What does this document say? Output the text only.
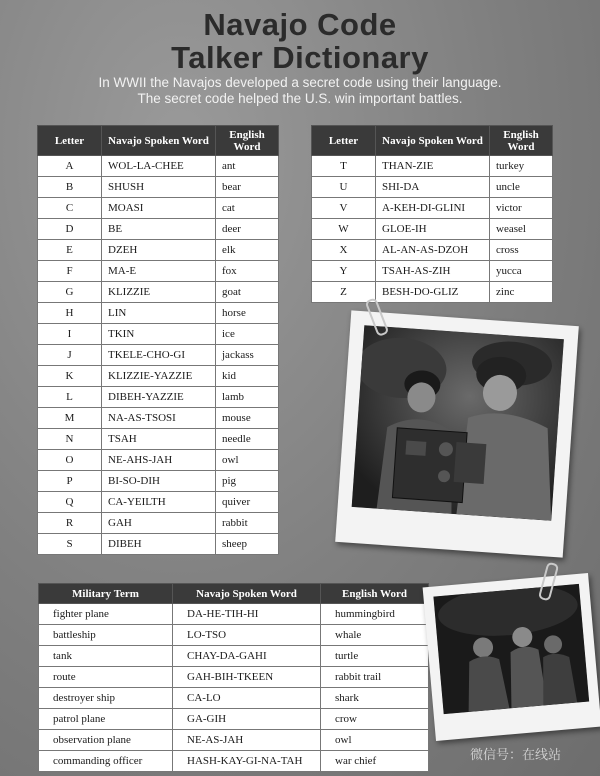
Navajo Code
Talker Dictionary
In WWII the Navajos developed a secret code using their language.
The secret code helped the U.S. win important battles.
Letter	Navajo Spoken Word	English Word
A	WOL-LA-CHEE	ant
B	SHUSH	bear
C	MOASI	cat
D	BE	deer
E	DZEH	elk
F	MA-E	fox
G	KLIZZIE	goat
H	LIN	horse
I	TKIN	ice
J	TKELE-CHO-GI	jackass
K	KLIZZIE-YAZZIE	kid
L	DIBEH-YAZZIE	lamb
M	NA-AS-TSOSI	mouse
N	TSAH	needle
O	NE-AHS-JAH	owl
P	BI-SO-DIH	pig
Q	CA-YEILTH	quiver
R	GAH	rabbit
S	DIBEH	sheep
Letter	Navajo Spoken Word	English Word
T	THAN-ZIE	turkey
U	SHI-DA	uncle
V	A-KEH-DI-GLINI	victor
W	GLOE-IH	weasel
X	AL-AN-AS-DZOH	cross
Y	TSAH-AS-ZIH	yucca
Z	BESH-DO-GLIZ	zinc
Military Term	Navajo Spoken Word	English Word
fighter plane	DA-HE-TIH-HI	hummingbird
battleship	LO-TSO	whale
tank	CHAY-DA-GAHI	turtle
route	GAH-BIH-TKEEN	rabbit trail
destroyer ship	CA-LO	shark
patrol plane	GA-GIH	crow
observation plane	NE-AS-JAH	owl
commanding officer	HASH-KAY-GI-NA-TAH	war chief	微信号：在线站
